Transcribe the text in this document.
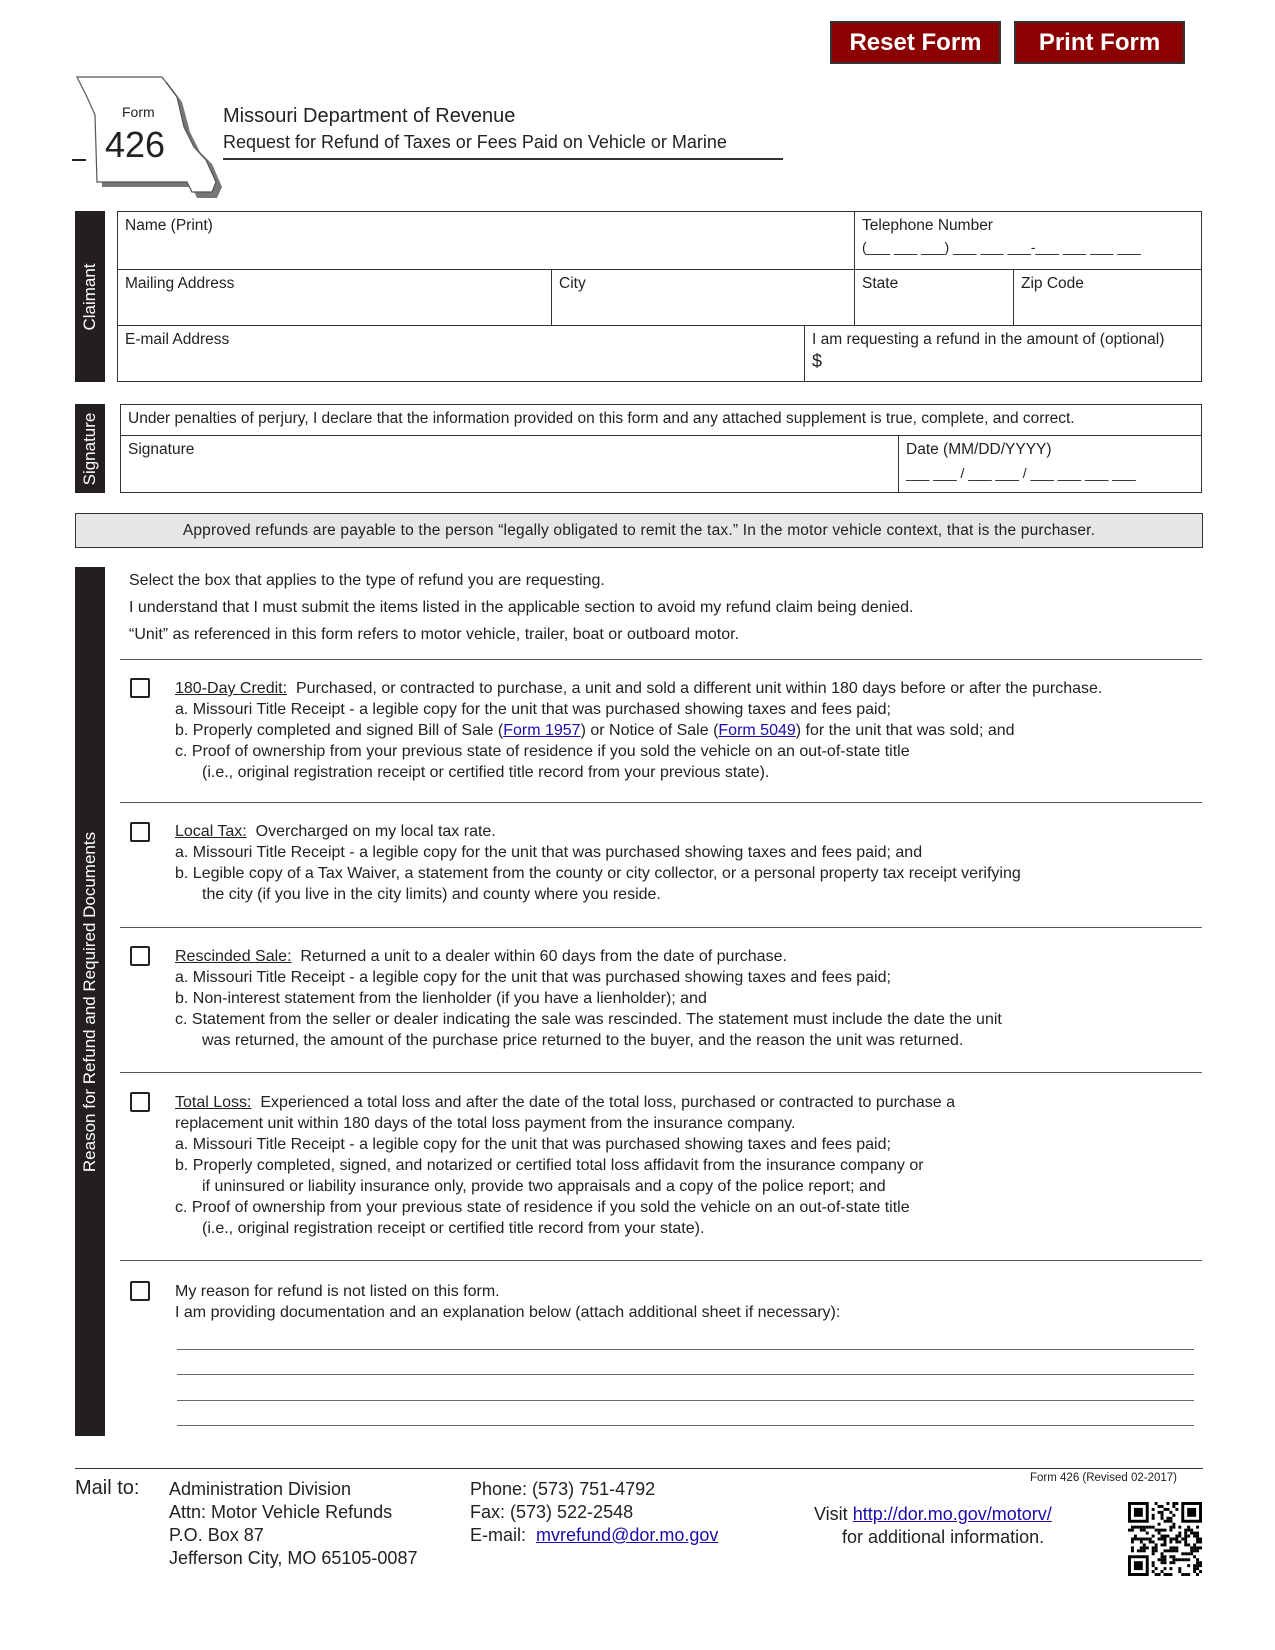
Reset Form	Print Form
Form
426
Missouri Department of Revenue
Request for Refund of Taxes or Fees Paid on Vehicle or Marine
Claimant
Name (Print)	Telephone Number
(___ ___ ___) ___ ___ ___-___ ___ ___ ___
Mailing Address	City	State	Zip Code
E-mail Address	I am requesting a refund in the amount of (optional)
$
Signature	Under penalties of perjury, I declare that the information provided on this form and any attached supplement is true, complete, and correct.
Signature	Date (MM/DD/YYYY)
___ ___ / ___ ___ / ___ ___ ___ ___
Approved refunds are payable to the person “legally obligated to remit the tax.” In the motor vehicle context, that is the purchaser.
Reason for Refund and Required Documents
Select the box that applies to the type of refund you are requesting.
I understand that I must submit the items listed in the applicable section to avoid my refund claim being denied.
“Unit” as referenced in this form refers to motor vehicle, trailer, boat or outboard motor.
180-Day Credit: Purchased, or contracted to purchase, a unit and sold a different unit within 180 days before or after the purchase.
a. Missouri Title Receipt - a legible copy for the unit that was purchased showing taxes and fees paid;
b. Properly completed and signed Bill of Sale (Form 1957) or Notice of Sale (Form 5049) for the unit that was sold; and
c. Proof of ownership from your previous state of residence if you sold the vehicle on an out-of-state title
(i.e., original registration receipt or certified title record from your previous state).
Local Tax: Overcharged on my local tax rate.
a. Missouri Title Receipt - a legible copy for the unit that was purchased showing taxes and fees paid; and
b. Legible copy of a Tax Waiver, a statement from the county or city collector, or a personal property tax receipt verifying
the city (if you live in the city limits) and county where you reside.
Rescinded Sale: Returned a unit to a dealer within 60 days from the date of purchase.
a. Missouri Title Receipt - a legible copy for the unit that was purchased showing taxes and fees paid;
b. Non-interest statement from the lienholder (if you have a lienholder); and
c. Statement from the seller or dealer indicating the sale was rescinded. The statement must include the date the unit
was returned, the amount of the purchase price returned to the buyer, and the reason the unit was returned.
Total Loss: Experienced a total loss and after the date of the total loss, purchased or contracted to purchase a
replacement unit within 180 days of the total loss payment from the insurance company.
a. Missouri Title Receipt - a legible copy for the unit that was purchased showing taxes and fees paid;
b. Properly completed, signed, and notarized or certified total loss affidavit from the insurance company or
if uninsured or liability insurance only, provide two appraisals and a copy of the police report; and
c. Proof of ownership from your previous state of residence if you sold the vehicle on an out-of-state title
(i.e., original registration receipt or certified title record from your state).
My reason for refund is not listed on this form.
I am providing documentation and an explanation below (attach additional sheet if necessary):
Form 426 (Revised 02-2017)
Mail to: Administration Division
Attn: Motor Vehicle Refunds
P.O. Box 87
Jefferson City, MO 65105-0087
Phone: (573) 751-4792
Fax: (573) 522-2548
E-mail: mvrefund@dor.mo.gov
Visit http://dor.mo.gov/motorv/
for additional information.
